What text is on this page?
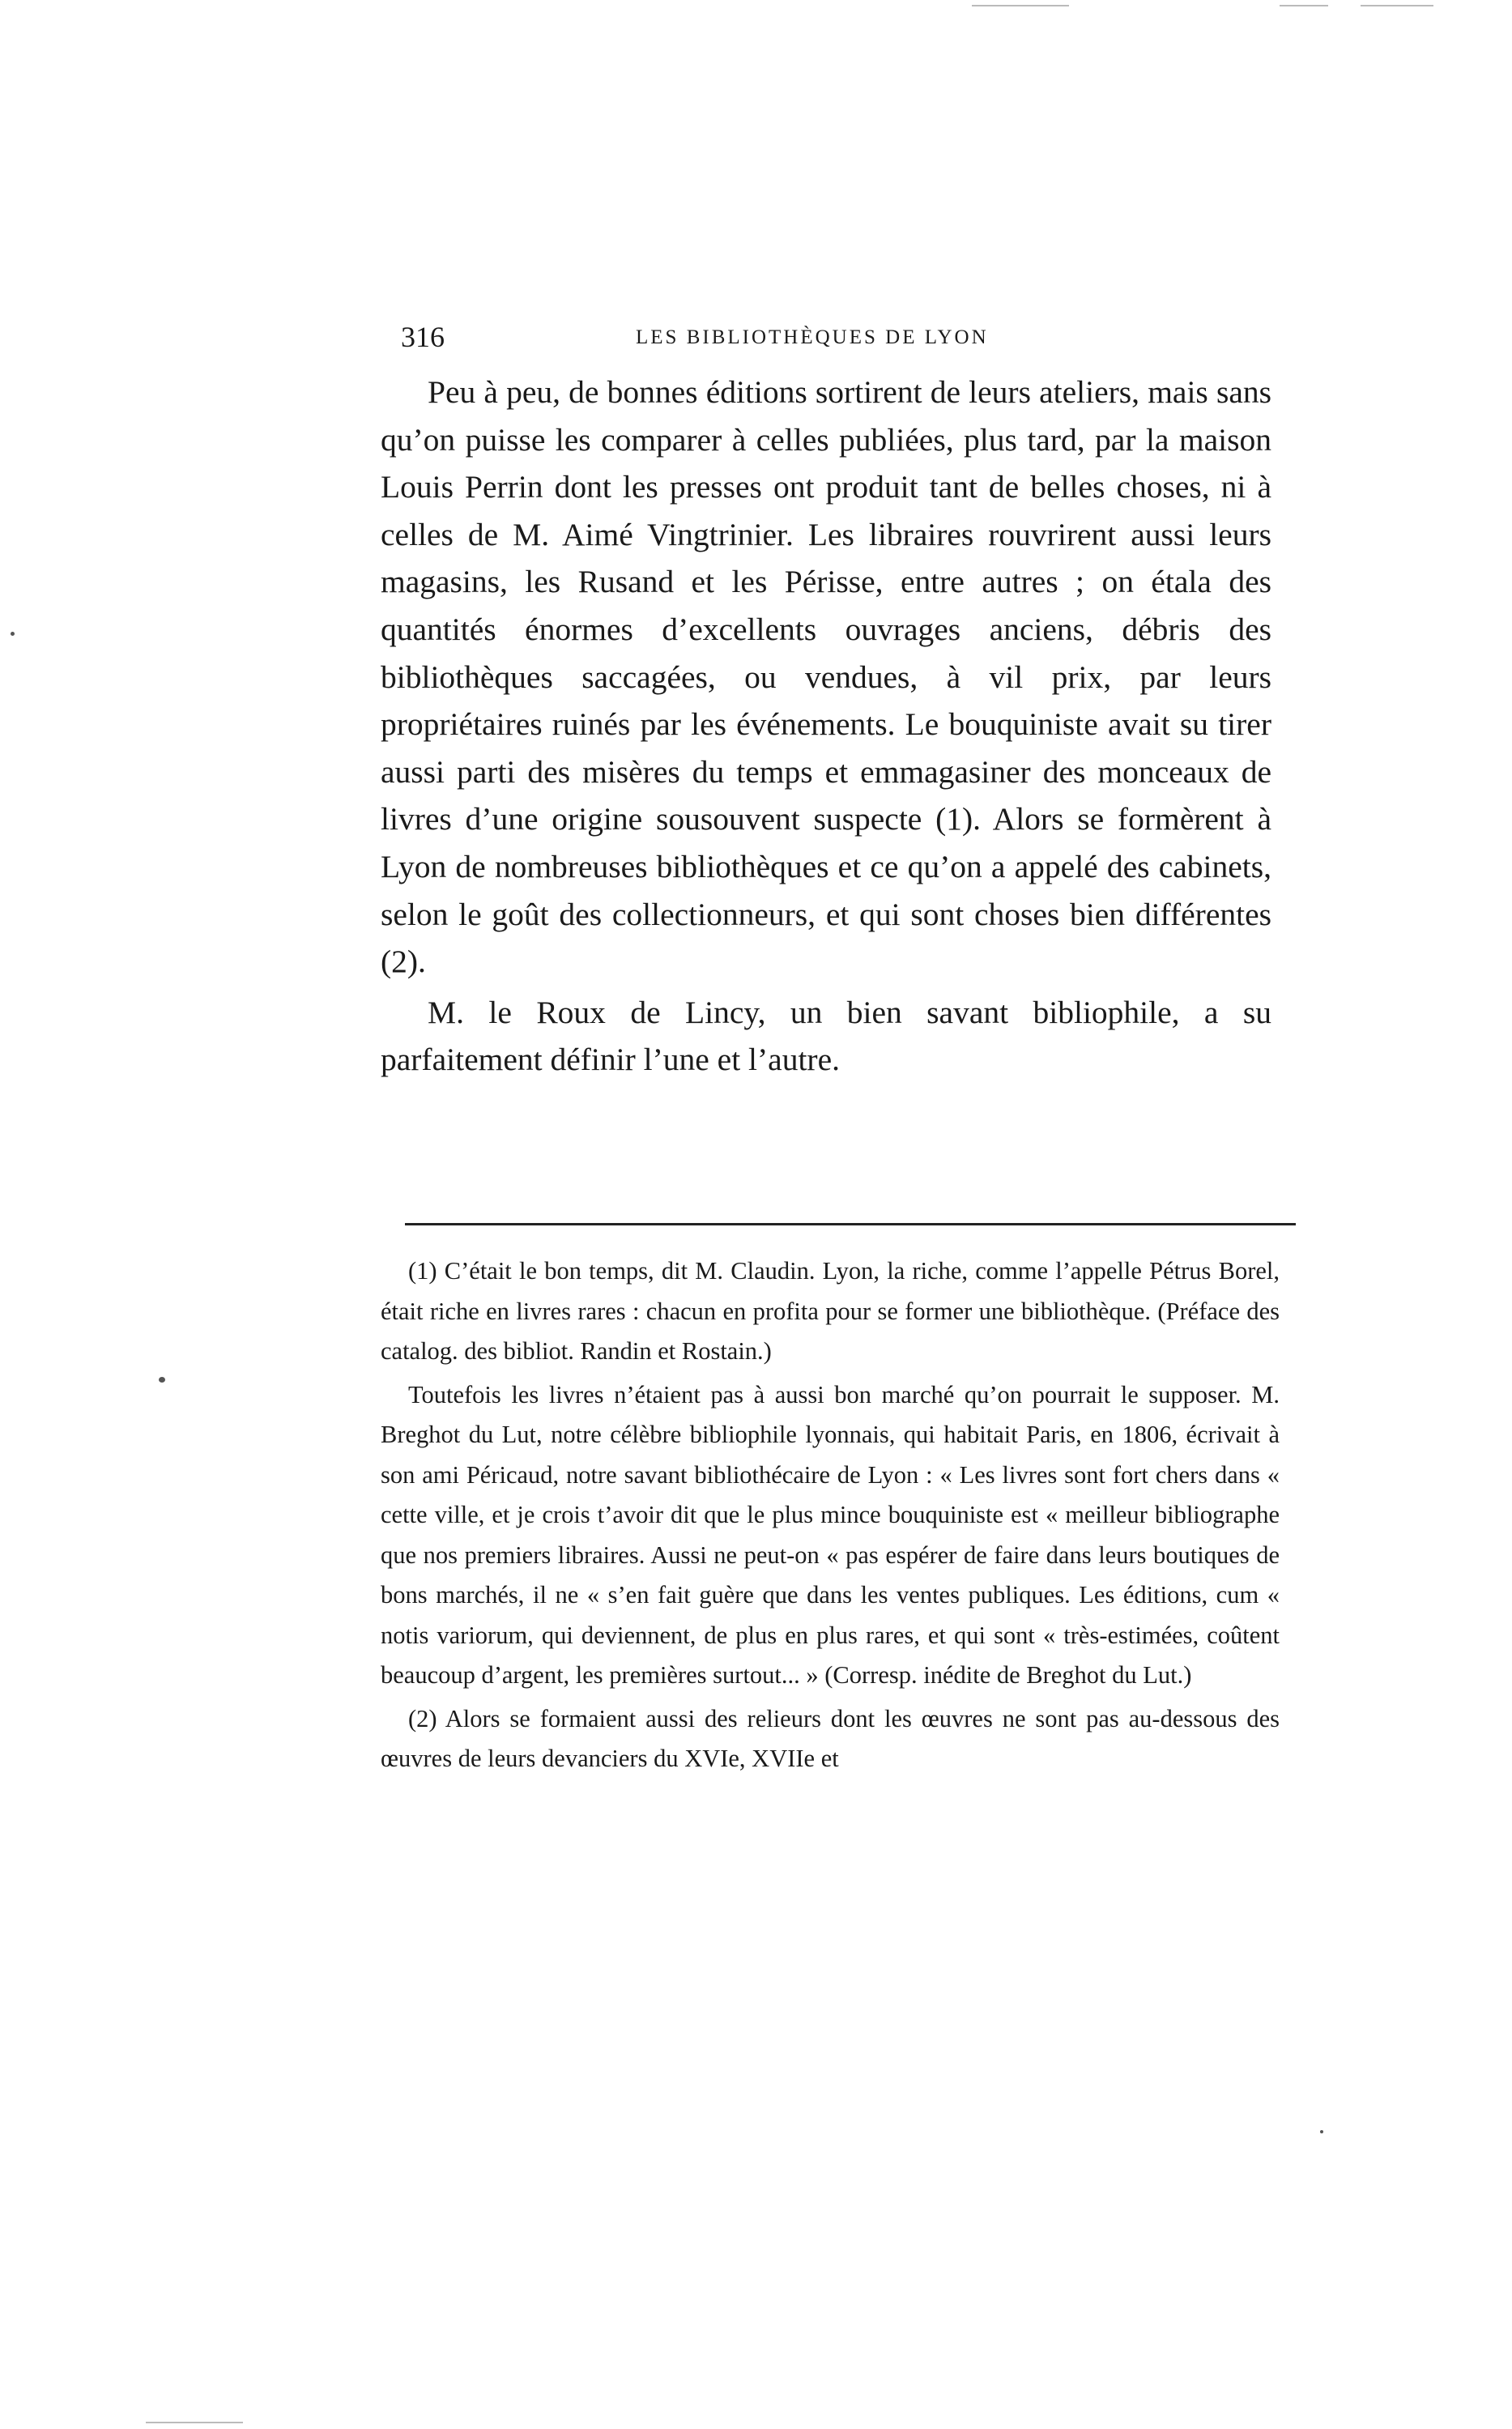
316	LES BIBLIOTHÈQUES DE LYON

Peu à peu, de bonnes éditions sortirent de leurs ateliers, mais sans qu’on puisse les comparer à celles publiées, plus tard, par la maison Louis Perrin dont les presses ont produit tant de belles choses, ni à celles de M. Aimé Vingtrinier. Les libraires rouvrirent aussi leurs magasins, les Rusand et les Périsse, entre autres ; on étala des quantités énormes d’excellents ouvrages anciens, débris des bibliothèques saccagées, ou vendues, à vil prix, par leurs propriétaires ruinés par les événements. Le bouquiniste avait su tirer aussi parti des misères du temps et emmagasiner des monceaux de livres d’une origine sousouvent suspecte (1). Alors se formèrent à Lyon de nombreuses bibliothèques et ce qu’on a appelé des cabinets, selon le goût des collectionneurs, et qui sont choses bien différentes (2).

M. le Roux de Lincy, un bien savant bibliophile, a su parfaitement définir l’une et l’autre.

(1) C’était le bon temps, dit M. Claudin. Lyon, la riche, comme l’appelle Pétrus Borel, était riche en livres rares : chacun en profita pour se former une bibliothèque. (Préface des catalog. des bibliot. Randin et Rostain.)

Toutefois les livres n’étaient pas à aussi bon marché qu’on pourrait le supposer. M. Breghot du Lut, notre célèbre bibliophile lyonnais, qui habitait Paris, en 1806, écrivait à son ami Péricaud, notre savant bibliothécaire de Lyon : « Les livres sont fort chers dans « cette ville, et je crois t’avoir dit que le plus mince bouquiniste est « meilleur bibliographe que nos premiers libraires. Aussi ne peut-on « pas espérer de faire dans leurs boutiques de bons marchés, il ne « s’en fait guère que dans les ventes publiques. Les éditions, cum « notis variorum, qui deviennent, de plus en plus rares, et qui sont « très-estimées, coûtent beaucoup d’argent, les premières surtout... » (Corresp. inédite de Breghot du Lut.)

(2) Alors se formaient aussi des relieurs dont les œuvres ne sont pas au-dessous des œuvres de leurs devanciers du XVIe, XVIIe et
